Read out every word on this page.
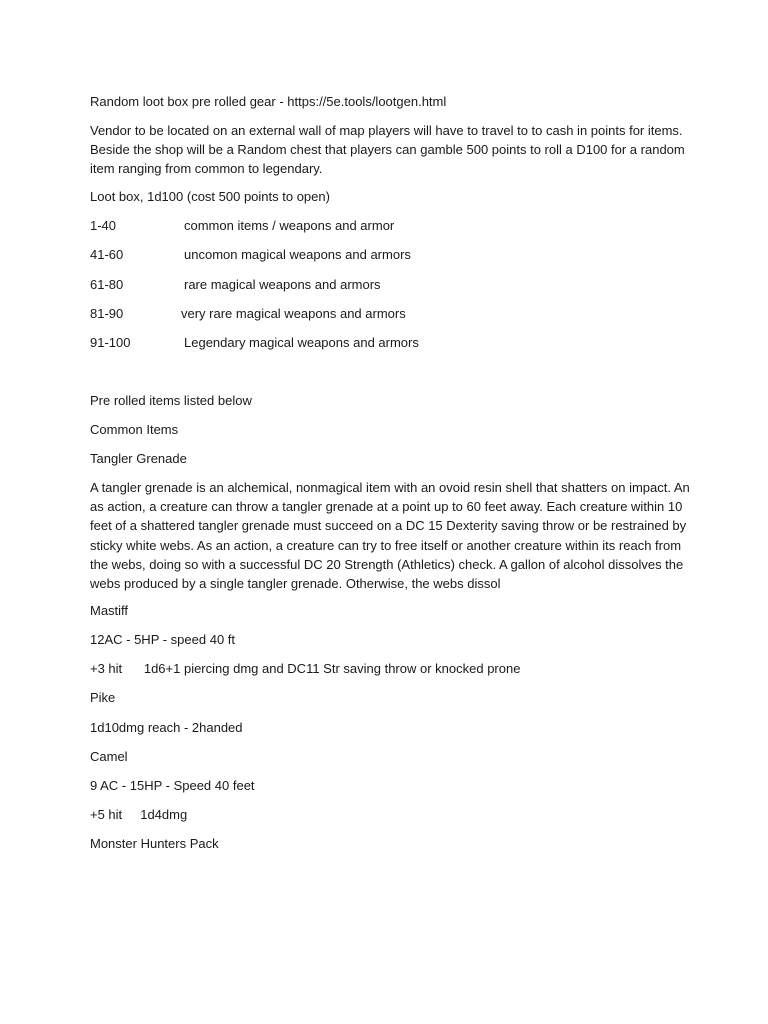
Random loot box pre rolled gear - https://5e.tools/lootgen.html
Vendor to be located on an external wall of map players will have to travel to to cash in points for items. Beside the shop will be a Random chest that players can gamble 500 points to roll a D100 for a random item ranging from common to legendary.
Loot box, 1d100 (cost 500 points to open)
1-40	common items / weapons and armor
41-60	uncomon magical weapons and armors
61-80	rare magical weapons and armors
81-90	very rare magical weapons and armors
91-100	Legendary magical weapons and armors
Pre rolled items listed below
Common Items
Tangler Grenade
A tangler grenade is an alchemical, nonmagical item with an ovoid resin shell that shatters on impact. An as action, a creature can throw a tangler grenade at a point up to 60 feet away. Each creature within 10 feet of a shattered tangler grenade must succeed on a DC 15 Dexterity saving throw or be restrained by sticky white webs. As an action, a creature can try to free itself or another creature within its reach from the webs, doing so with a successful DC 20 Strength (Athletics) check. A gallon of alcohol dissolves the webs produced by a single tangler grenade. Otherwise, the webs dissol
Mastiff
12AC - 5HP - speed 40 ft
+3 hit      1d6+1 piercing dmg and DC11 Str saving throw or knocked prone
Pike
1d10dmg reach - 2handed
Camel
9 AC - 15HP - Speed 40 feet
+5 hit     1d4dmg
Monster Hunters Pack
